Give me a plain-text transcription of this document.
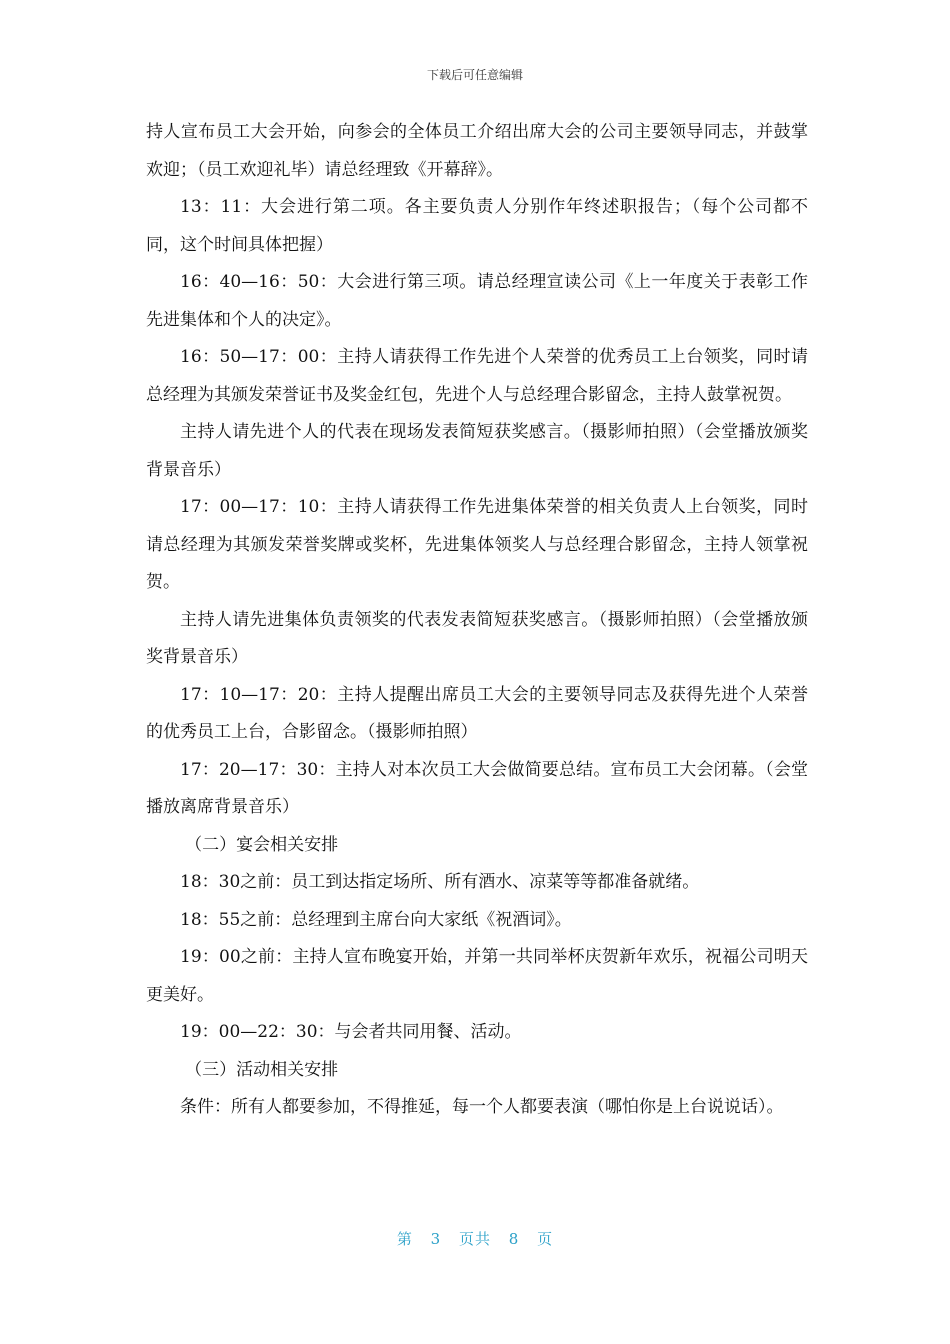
下载后可任意编辑

持人宣布员工大会开始，向参会的全体员工介绍出席大会的公司主要领导同志，并鼓掌欢迎；（员工欢迎礼毕）请总经理致《开幕辞》。

13：11：大会进行第二项。各主要负责人分别作年终述职报告；（每个公司都不同，这个时间具体把握）

16：40—16：50：大会进行第三项。请总经理宣读公司《上一年度关于表彰工作先进集体和个人的决定》。

16：50—17：00：主持人请获得工作先进个人荣誉的优秀员工上台领奖，同时请总经理为其颁发荣誉证书及奖金红包，先进个人与总经理合影留念，主持人鼓掌祝贺。

主持人请先进个人的代表在现场发表简短获奖感言。（摄影师拍照）（会堂播放颁奖背景音乐）

17：00—17：10：主持人请获得工作先进集体荣誉的相关负责人上台领奖，同时请总经理为其颁发荣誉奖牌或奖杯，先进集体领奖人与总经理合影留念，主持人领掌祝贺。

主持人请先进集体负责领奖的代表发表简短获奖感言。（摄影师拍照）（会堂播放颁奖背景音乐）

17：10—17：20：主持人提醒出席员工大会的主要领导同志及获得先进个人荣誉的优秀员工上台，合影留念。（摄影师拍照）

17：20—17：30：主持人对本次员工大会做简要总结。宣布员工大会闭幕。（会堂播放离席背景音乐）

（二）宴会相关安排

18：30之前：员工到达指定场所、所有酒水、凉菜等等都准备就绪。

18：55之前：总经理到主席台向大家纸《祝酒词》。

19：00之前：主持人宣布晚宴开始，并第一共同举杯庆贺新年欢乐，祝福公司明天更美好。

19：00—22：30：与会者共同用餐、活动。

（三）活动相关安排

条件：所有人都要参加，不得推延，每一个人都要表演（哪怕你是上台说说话）。

第 3 页共 8 页
